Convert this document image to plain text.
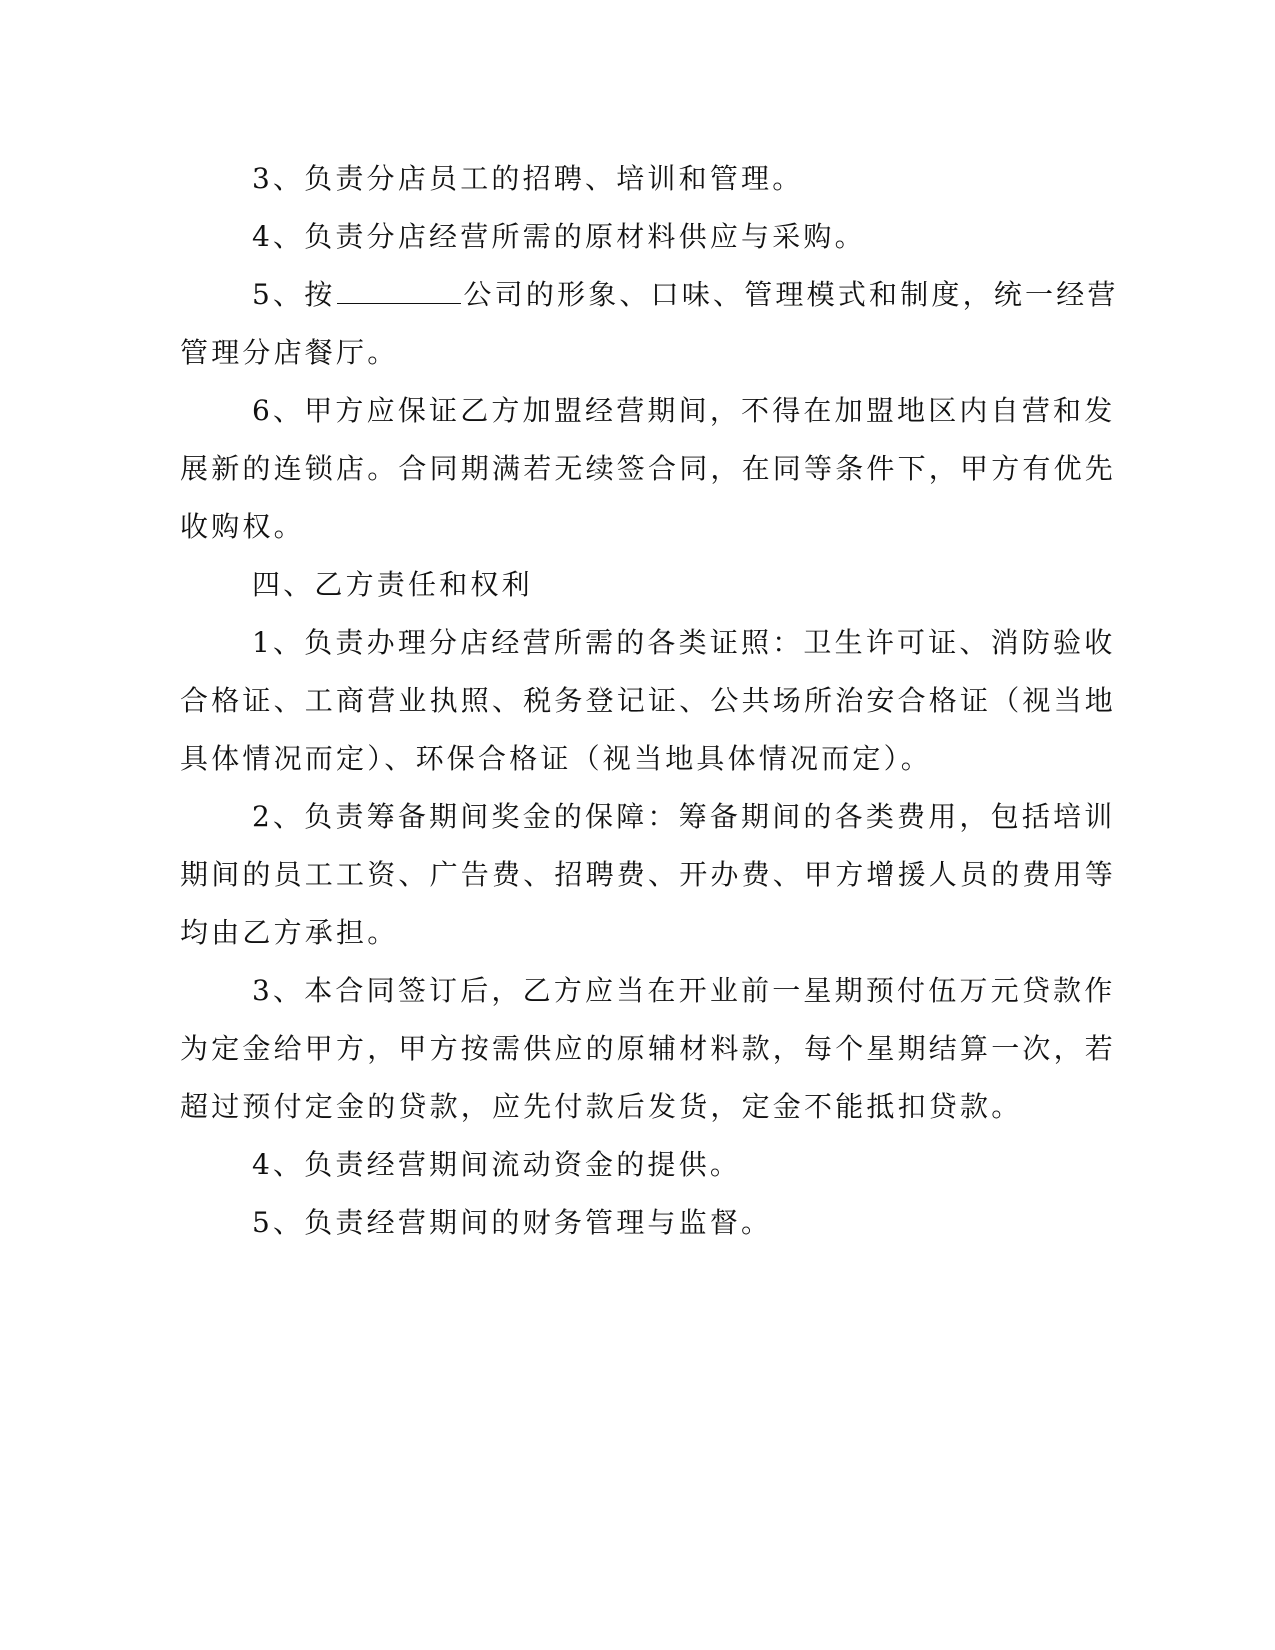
3、负责分店员工的招聘、培训和管理。
4、负责分店经营所需的原材料供应与采购。
5、按	公司的形象、口味、管理模式和制度，统一经营
管理分店餐厅。
6、甲方应保证乙方加盟经营期间，不得在加盟地区内自营和发
展新的连锁店。合同期满若无续签合同，在同等条件下，甲方有优先
收购权。
四、乙方责任和权利
1、负责办理分店经营所需的各类证照：卫生许可证、消防验收
合格证、工商营业执照、税务登记证、公共场所治安合格证（视当地
具体情况而定）、环保合格证（视当地具体情况而定）。
2、负责筹备期间奖金的保障：筹备期间的各类费用，包括培训
期间的员工工资、广告费、招聘费、开办费、甲方增援人员的费用等
均由乙方承担。
3、本合同签订后，乙方应当在开业前一星期预付伍万元贷款作
为定金给甲方，甲方按需供应的原辅材料款，每个星期结算一次，若
超过预付定金的贷款，应先付款后发货，定金不能抵扣贷款。
4、负责经营期间流动资金的提供。
5、负责经营期间的财务管理与监督。
